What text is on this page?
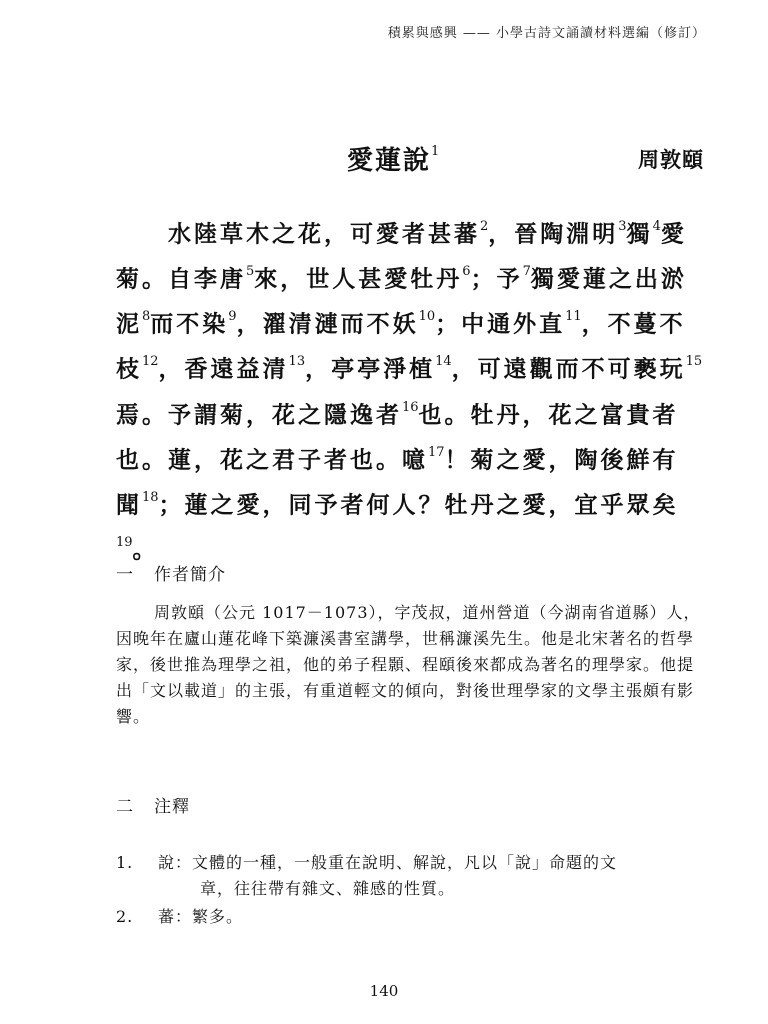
積累與感興 —— 小學古詩文誦讀材料選編（修訂）
愛蓮說$^1$	周敦頤
水陸草木之花，可愛者甚蕃$^2$，晉陶淵明$^3$獨$^4$愛菊。自李唐$^5$來，世人甚愛牡丹$^6$；予$^7$獨愛蓮之出淤泥$^8$而不染$^9$，濯清漣而不妖$^{10}$；中通外直$^{11}$，不蔓不枝$^{12}$，香遠益清$^{13}$，亭亭淨植$^{14}$，可遠觀而不可褻玩$^{15}$焉。予謂菊，花之隱逸者$^{16}$也。牡丹，花之富貴者也。蓮，花之君子者也。噫$^{17}$！菊之愛，陶後鮮有聞$^{18}$；蓮之愛，同予者何人？牡丹之愛，宜乎眾矣$^{19}$。
一 作者簡介
周敦頤（公元 1017－1073），字茂叔，道州營道（今湖南省道縣）人，因晚年在廬山蓮花峰下築濂溪書室講學，世稱濂溪先生。他是北宋著名的哲學家，後世推為理學之祖，他的弟子程顥、程頤後來都成為著名的理學家。他提出「文以載道」的主張，有重道輕文的傾向，對後世理學家的文學主張頗有影響。
二 注釋
1. 說：文體的一種，一般重在說明、解說，凡以「說」命題的文
章，往往帶有雜文、雜感的性質。
2. 蕃：繁多。
140
